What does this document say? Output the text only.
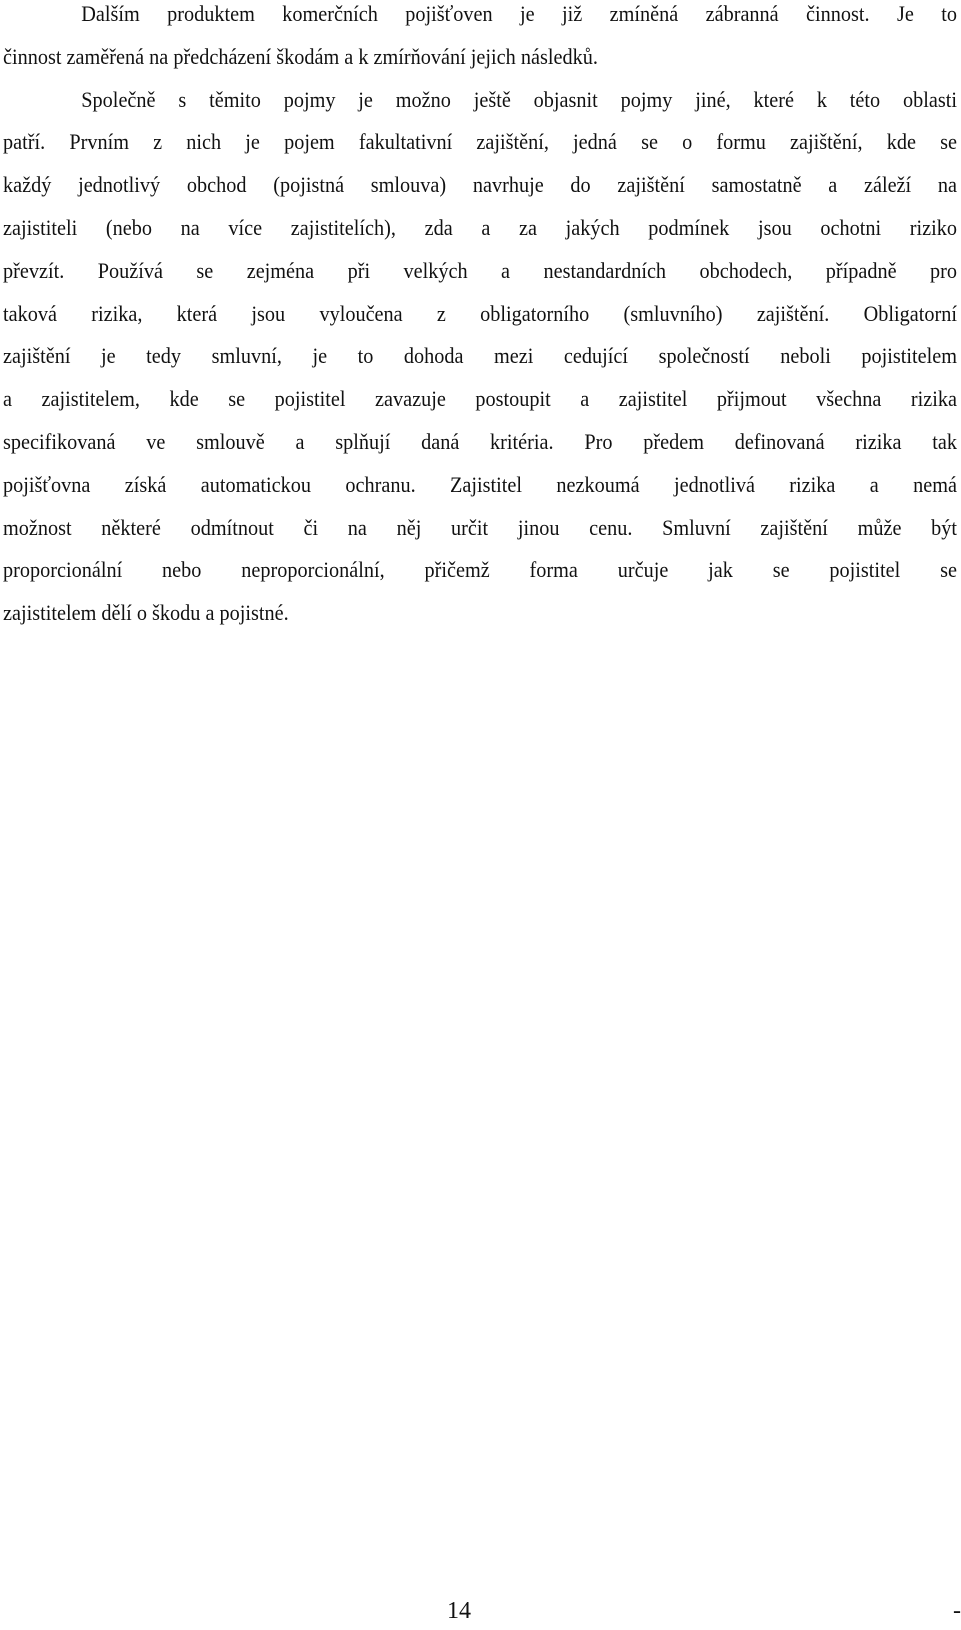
Dalším produktem komerčních pojišťoven je již zmíněná zábranná činnost. Je to
činnost zaměřená na předcházení škodám a k zmírňování jejich následků.
Společně s těmito pojmy je možno ještě objasnit pojmy jiné, které k této oblasti
patří. Prvním z nich je pojem fakultativní zajištění, jedná se o formu zajištění, kde se
každý jednotlivý obchod (pojistná smlouva) navrhuje do zajištění samostatně a záleží na
zajistiteli (nebo na více zajistitelích), zda a za jakých podmínek jsou ochotni riziko
převzít. Používá se zejména při velkých a nestandardních obchodech, případně pro
taková rizika, která jsou vyloučena z obligatorního (smluvního) zajištění. Obligatorní
zajištění je tedy smluvní, je to dohoda mezi cedující společností neboli pojistitelem
a zajistitelem, kde se pojistitel zavazuje postoupit a zajistitel přijmout všechna rizika
specifikovaná ve smlouvě a splňují daná kritéria. Pro předem definovaná rizika tak
pojišťovna získá automatickou ochranu. Zajistitel nezkoumá jednotlivá rizika a nemá
možnost některé odmítnout či na něj určit jinou cenu. Smluvní zajištění může být
proporcionální nebo neproporcionální, přičemž forma určuje jak se pojistitel se
zajistitelem dělí o škodu a pojistné.
14	-
